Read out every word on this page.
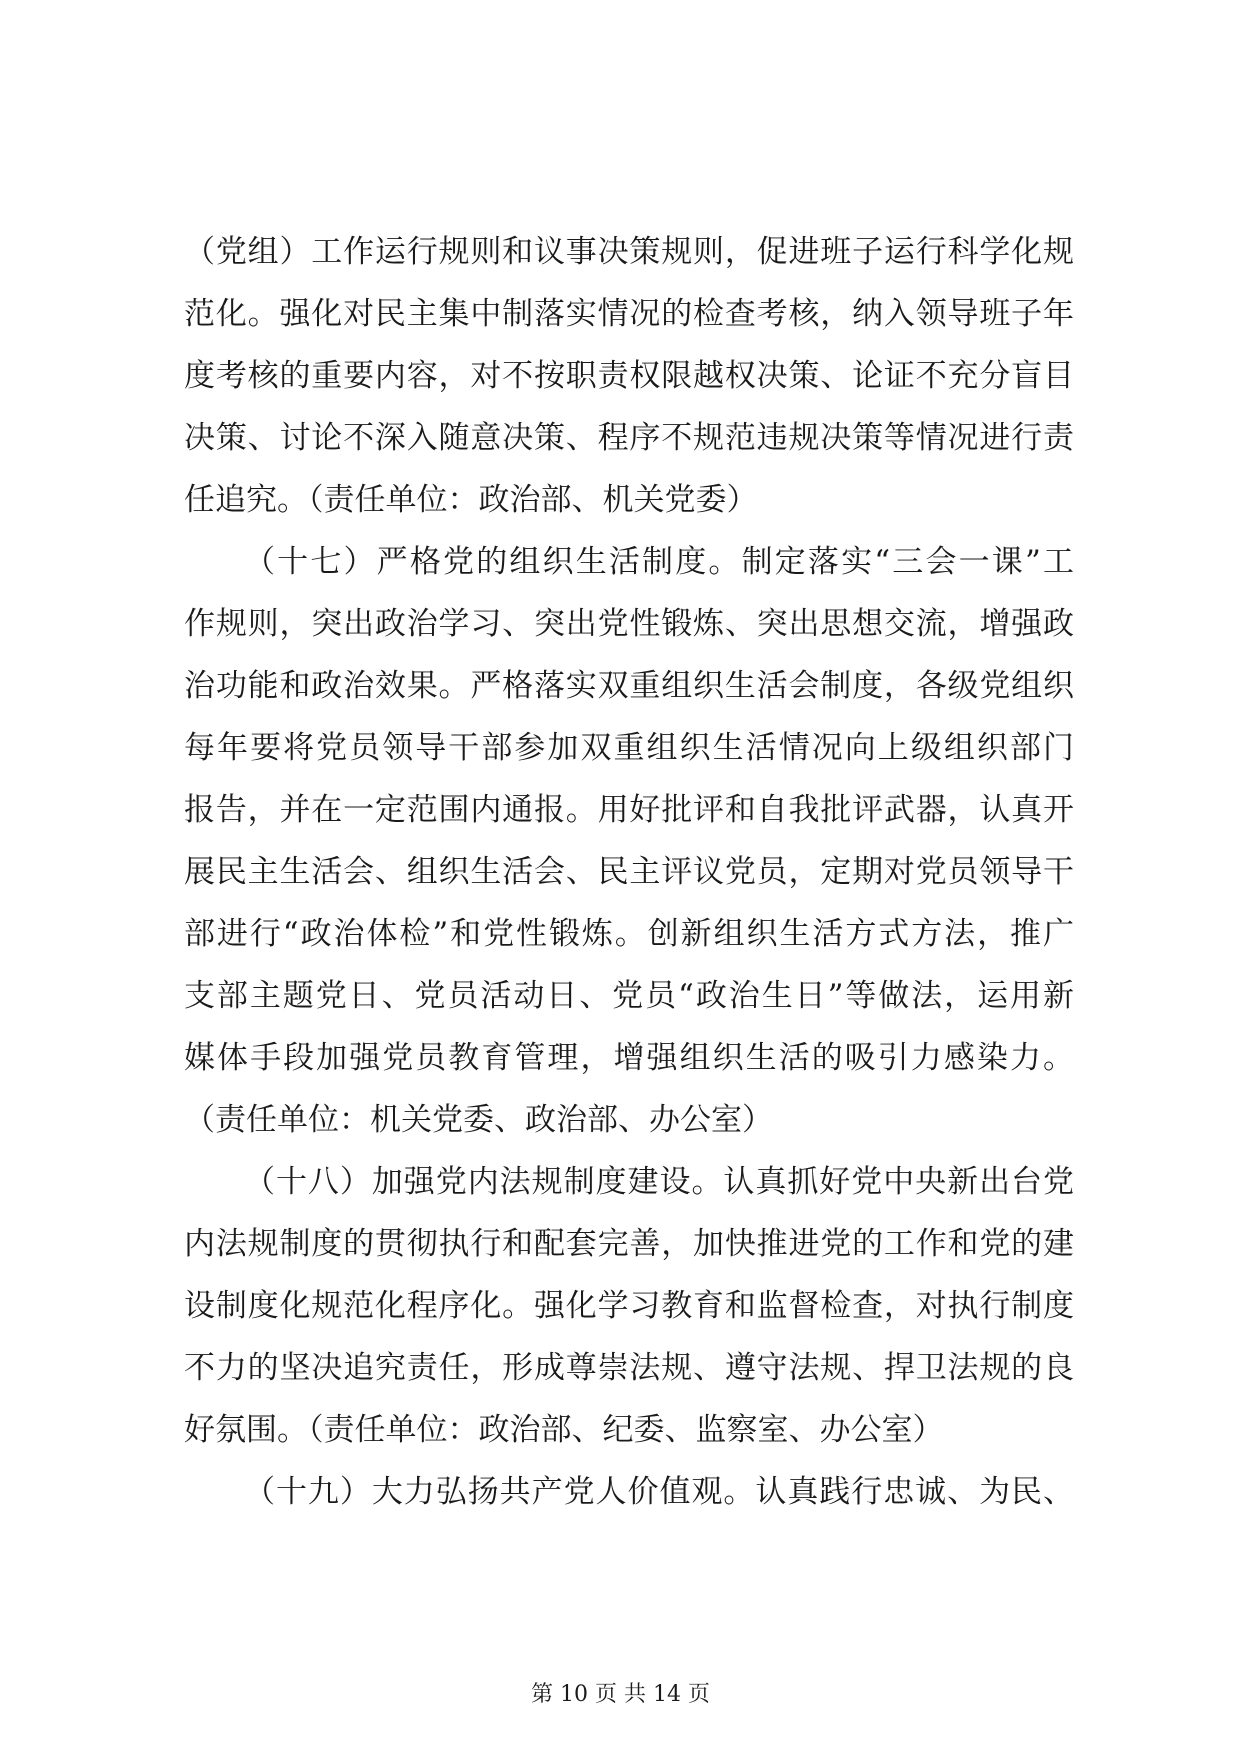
（党组）工作运行规则和议事决策规则，促进班子运行科学化规
范化。强化对民主集中制落实情况的检查考核，纳入领导班子年
度考核的重要内容，对不按职责权限越权决策、论证不充分盲目
决策、讨论不深入随意决策、程序不规范违规决策等情况进行责
任追究。（责任单位：政治部、机关党委）
（十七）严格党的组织生活制度。制定落实“三会一课”工
作规则，突出政治学习、突出党性锻炼、突出思想交流，增强政
治功能和政治效果。严格落实双重组织生活会制度，各级党组织
每年要将党员领导干部参加双重组织生活情况向上级组织部门
报告，并在一定范围内通报。用好批评和自我批评武器，认真开
展民主生活会、组织生活会、民主评议党员，定期对党员领导干
部进行“政治体检”和党性锻炼。创新组织生活方式方法，推广
支部主题党日、党员活动日、党员“政治生日”等做法，运用新
媒体手段加强党员教育管理，增强组织生活的吸引力感染力。
（责任单位：机关党委、政治部、办公室）
（十八）加强党内法规制度建设。认真抓好党中央新出台党
内法规制度的贯彻执行和配套完善，加快推进党的工作和党的建
设制度化规范化程序化。强化学习教育和监督检查，对执行制度
不力的坚决追究责任，形成尊崇法规、遵守法规、捍卫法规的良
好氛围。（责任单位：政治部、纪委、监察室、办公室）
（十九）大力弘扬共产党人价值观。认真践行忠诚、为民、
第 10 页 共 14 页
